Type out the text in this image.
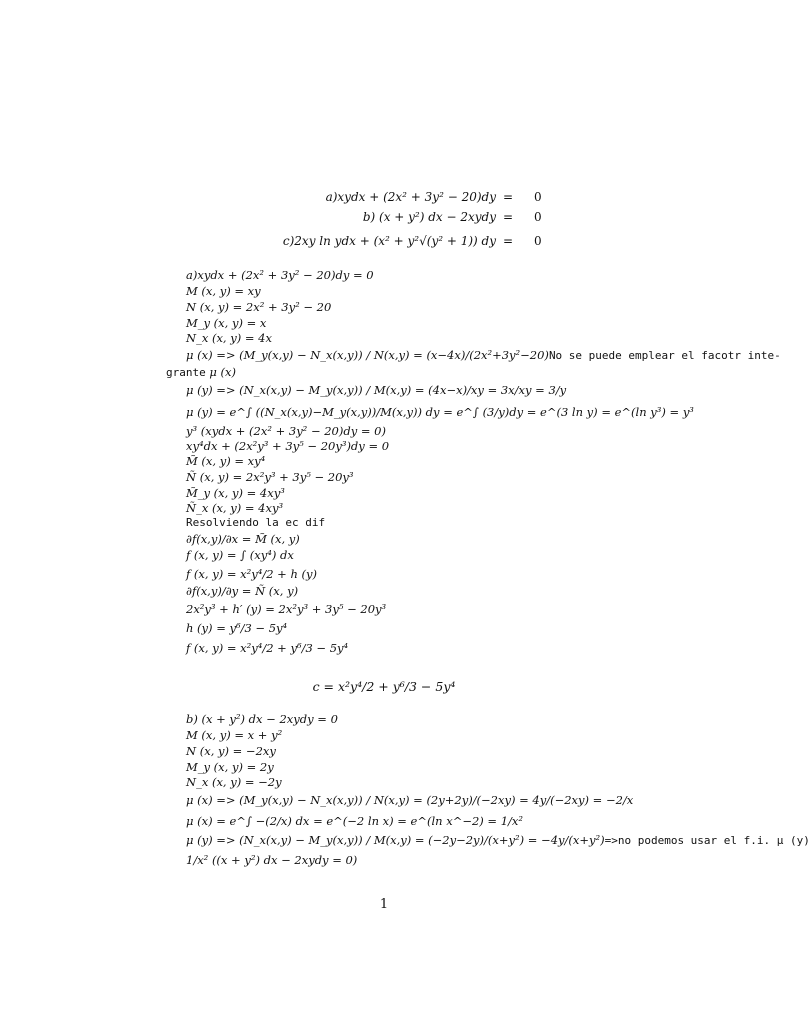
a)xydx + (2x² + 3y² − 20)dy = 0
b) (x + y²) dx − 2xydy = 0
c)2xy ln ydx + (x² + y²√(y² + 1)) dy = 0
a)xydx + (2x² + 3y² − 20)dy = 0
M (x, y) = xy
N (x, y) = 2x² + 3y² − 20
M_y (x, y) = x
N_x (x, y) = 4x
μ (x) => (M_y(x,y) − N_x(x,y)) / N(x,y) = (x−4x)/(2x²+3y²−20)No se puede emplear el facotr inte-
grante μ (x)
μ (y) => (N_x(x,y) − M_y(x,y)) / M(x,y) = (4x−x)/xy = 3x/xy = 3/y
μ (y) = e^∫ ((N_x(x,y)−M_y(x,y))/M(x,y)) dy = e^∫ (3/y)dy = e^(3 ln y) = e^(ln y³) = y³
y³ (xydx + (2x² + 3y² − 20)dy = 0)
xy⁴dx + (2x²y³ + 3y⁵ − 20y³)dy = 0
M̃ (x, y) = xy⁴
Ñ (x, y) = 2x²y³ + 3y⁵ − 20y³
M̃_y (x, y) = 4xy³
Ñ_x (x, y) = 4xy³
Resolviendo la ec dif
∂f(x,y)/∂x = M̃ (x, y)
f (x, y) = ∫ (xy⁴) dx
f (x, y) = x²y⁴/2 + h (y)
∂f(x,y)/∂y = Ñ (x, y)
2x²y³ + h′ (y) = 2x²y³ + 3y⁵ − 20y³
h (y) = y⁶/3 − 5y⁴
f (x, y) = x²y⁴/2 + y⁶/3 − 5y⁴
c = x²y⁴/2 + y⁶/3 − 5y⁴
b) (x + y²) dx − 2xydy = 0
M (x, y) = x + y²
N (x, y) = −2xy
M_y (x, y) = 2y
N_x (x, y) = −2y
μ (x) => (M_y(x,y) − N_x(x,y)) / N(x,y) = (2y+2y)/(−2xy) = 4y/(−2xy) = −2/x
μ (x) = e^∫ −(2/x) dx = e^(−2 ln x) = e^(ln x^−2) = 1/x²
μ (y) => (N_x(x,y) − M_y(x,y)) / M(x,y) = (−2y−2y)/(x+y²) = −4y/(x+y²)=>no podemos usar el f.i. μ (y)
1/x² ((x + y²) dx − 2xydy = 0)
1
